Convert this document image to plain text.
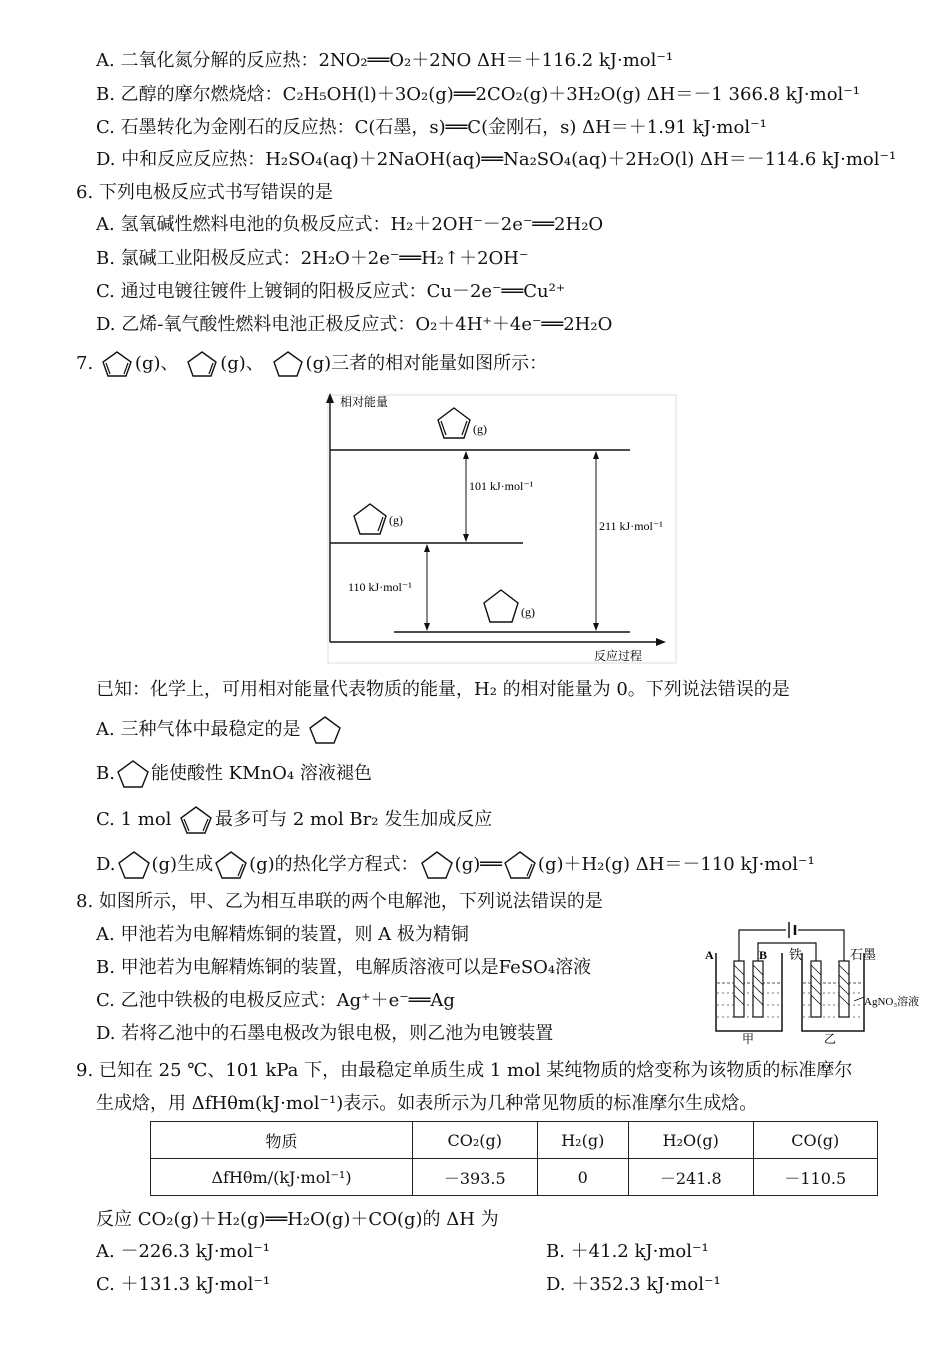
A. 二氧化氮分解的反应热：2NO₂══O₂＋2NO ΔH＝＋116.2 kJ·mol⁻¹
B. 乙醇的摩尔燃烧焓：C₂H₅OH(l)＋3O₂(g)══2CO₂(g)＋3H₂O(g) ΔH＝－1 366.8 kJ·mol⁻¹
C. 石墨转化为金刚石的反应热：C(石墨，s)══C(金刚石，s) ΔH＝＋1.91 kJ·mol⁻¹
D. 中和反应反应热：H₂SO₄(aq)＋2NaOH(aq)══Na₂SO₄(aq)＋2H₂O(l) ΔH＝－114.6 kJ·mol⁻¹
6. 下列电极反应式书写错误的是
A. 氢氧碱性燃料电池的负极反应式：H₂＋2OH⁻－2e⁻══2H₂O
B. 氯碱工业阳极反应式：2H₂O＋2e⁻══H₂↑＋2OH⁻
C. 通过电镀往镀件上镀铜的阳极反应式：Cu－2e⁻══Cu²⁺
D. 乙烯-氧气酸性燃料电池正极反应式：O₂＋4H⁺＋4e⁻══2H₂O
7. (g)、 (g)、 (g)三者的相对能量如图所示：
相对能量
反应过程
(g)
(g)
(g)
101 kJ·mol⁻¹
110 kJ·mol⁻¹
211 kJ·mol⁻¹
已知：化学上，可用相对能量代表物质的能量，H₂ 的相对能量为 0。下列说法错误的是
A. 三种气体中最稳定的是
B. 能使酸性 KMnO₄ 溶液褪色
C. 1 mol 最多可与 2 mol Br₂ 发生加成反应
D. (g)生成 (g)的热化学方程式： (g)══ (g)＋H₂(g) ΔH＝－110 kJ·mol⁻¹
8. 如图所示，甲、乙为相互串联的两个电解池，下列说法错误的是
A. 甲池若为电解精炼铜的装置，则 A 极为精铜
B. 甲池若为电解精炼铜的装置，电解质溶液可以是FeSO₄溶液
C. 乙池中铁极的电极反应式：Ag⁺＋e⁻══Ag
D. 若将乙池中的石墨电极改为银电极，则乙池为电镀装置
A	B 铁	石墨
AgNO₃溶液
甲	乙
9. 已知在 25 ℃、101 kPa 下，由最稳定单质生成 1 mol 某纯物质的焓变称为该物质的标准摩尔
生成焓，用 ΔfHθm(kJ·mol⁻¹)表示。如表所示为几种常见物质的标准摩尔生成焓。
物质	CO₂(g)	H₂(g)	H₂O(g)	CO(g)
ΔfHθm/(kJ·mol⁻¹)	－393.5	0	－241.8	－110.5
反应 CO₂(g)＋H₂(g)══H₂O(g)＋CO(g)的 ΔH 为
A. －226.3 kJ·mol⁻¹	B. ＋41.2 kJ·mol⁻¹
C. ＋131.3 kJ·mol⁻¹	D. ＋352.3 kJ·mol⁻¹
